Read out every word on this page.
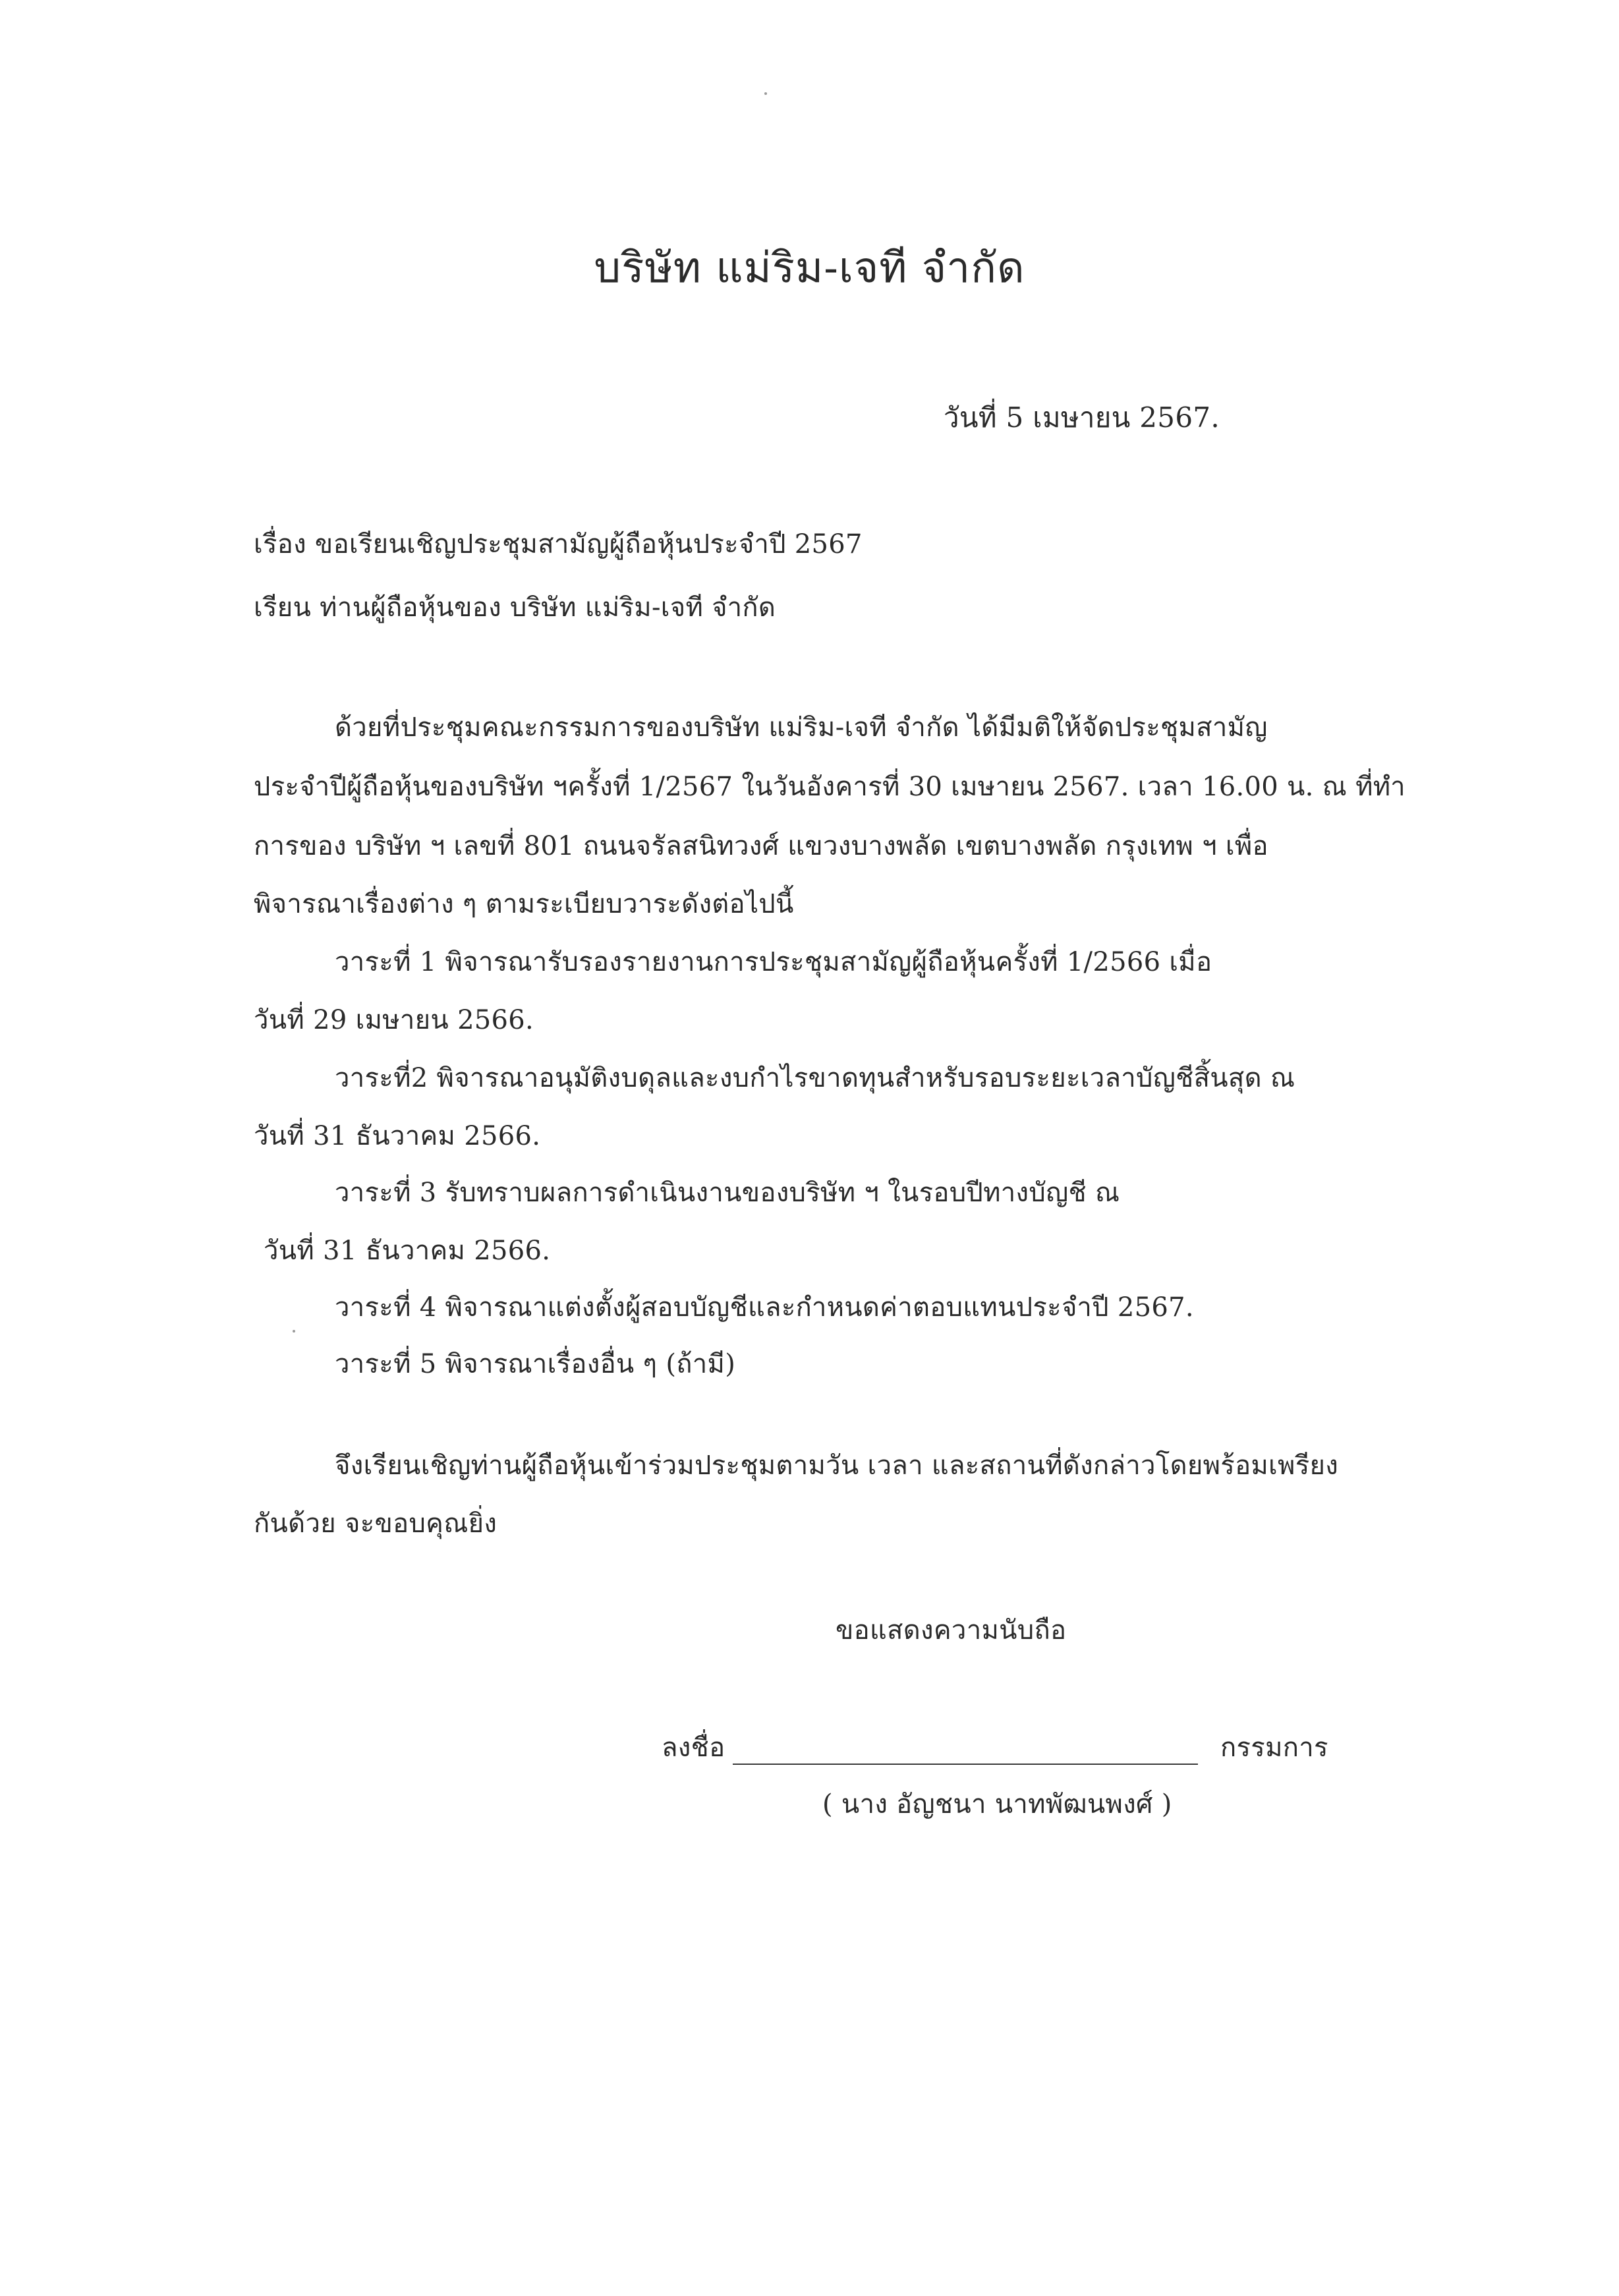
บริษัท แม่ริม-เจที จำกัด
วันที่ 5 เมษายน 2567.
เรื่อง ขอเรียนเชิญประชุมสามัญผู้ถือหุ้นประจำปี 2567
เรียน ท่านผู้ถือหุ้นของ บริษัท แม่ริม-เจที จำกัด
ด้วยที่ประชุมคณะกรรมการของบริษัท แม่ริม-เจที จำกัด ได้มีมติให้จัดประชุมสามัญ
ประจำปีผู้ถือหุ้นของบริษัท ฯครั้งที่ 1/2567 ในวันอังคารที่ 30 เมษายน 2567. เวลา 16.00 น. ณ ที่ทำ
การของ บริษัท ฯ เลขที่ 801 ถนนจรัลสนิทวงศ์ แขวงบางพลัด เขตบางพลัด กรุงเทพ ฯ เพื่อ
พิจารณาเรื่องต่าง ๆ ตามระเบียบวาระดังต่อไปนี้
วาระที่ 1 พิจารณารับรองรายงานการประชุมสามัญผู้ถือหุ้นครั้งที่ 1/2566 เมื่อ
วันที่ 29 เมษายน 2566.
วาระที่2 พิจารณาอนุมัติงบดุลและงบกำไรขาดทุนสำหรับรอบระยะเวลาบัญชีสิ้นสุด ณ
วันที่ 31 ธันวาคม 2566.
วาระที่ 3 รับทราบผลการดำเนินงานของบริษัท ฯ ในรอบปีทางบัญชี ณ
วันที่ 31 ธันวาคม 2566.
วาระที่ 4 พิจารณาแต่งตั้งผู้สอบบัญชีและกำหนดค่าตอบแทนประจำปี 2567.
วาระที่ 5 พิจารณาเรื่องอื่น ๆ (ถ้ามี)
จึงเรียนเชิญท่านผู้ถือหุ้นเข้าร่วมประชุมตามวัน เวลา และสถานที่ดังกล่าวโดยพร้อมเพรียง
กันด้วย จะขอบคุณยิ่ง
ขอแสดงความนับถือ
ลงชื่อ	กรรมการ
( นาง อัญชนา นาทพัฒนพงศ์ )
